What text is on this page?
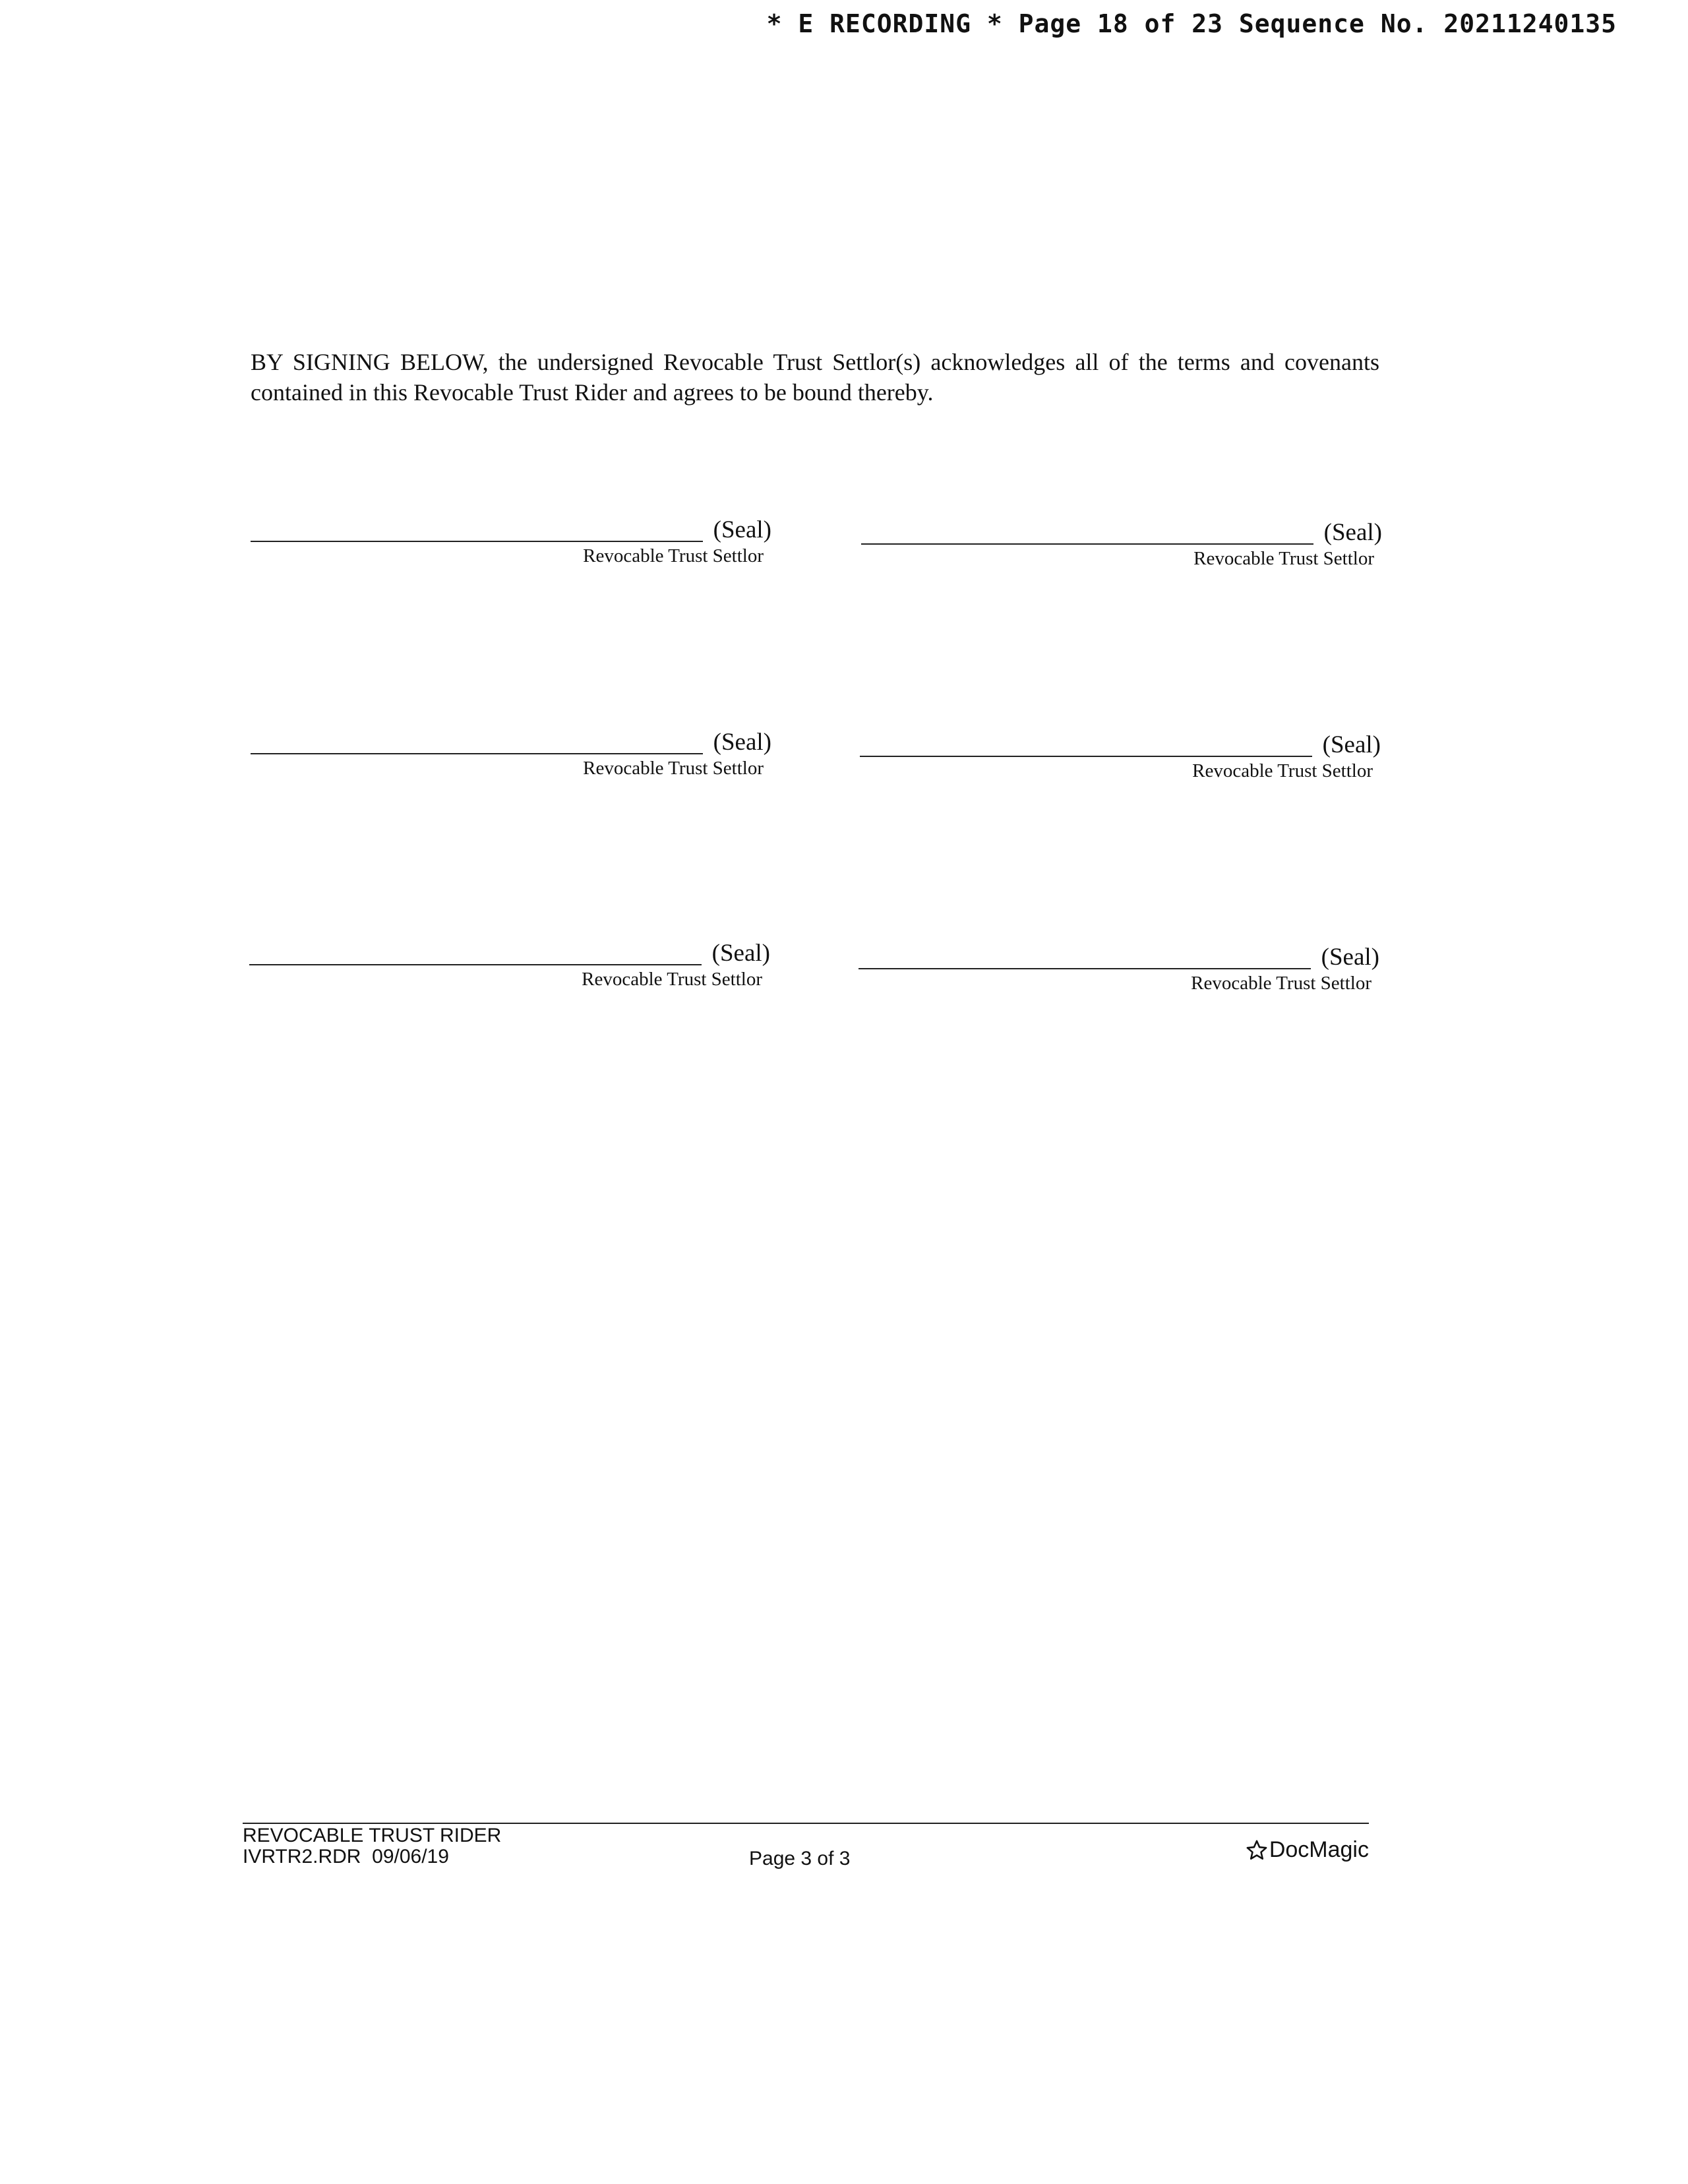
* E RECORDING * Page 18 of 23 Sequence No. 20211240135

BY SIGNING BELOW, the undersigned Revocable Trust Settlor(s) acknowledges all of the terms and covenants contained in this Revocable Trust Rider and agrees to be bound thereby.

(Seal)
Revocable Trust Settlor
(Seal)
Revocable Trust Settlor
(Seal)
Revocable Trust Settlor
(Seal)
Revocable Trust Settlor
(Seal)
Revocable Trust Settlor
(Seal)
Revocable Trust Settlor
REVOCABLE TRUST RIDER
IVRTR2.RDR  09/06/19	Page 3 of 3	DocMagic
